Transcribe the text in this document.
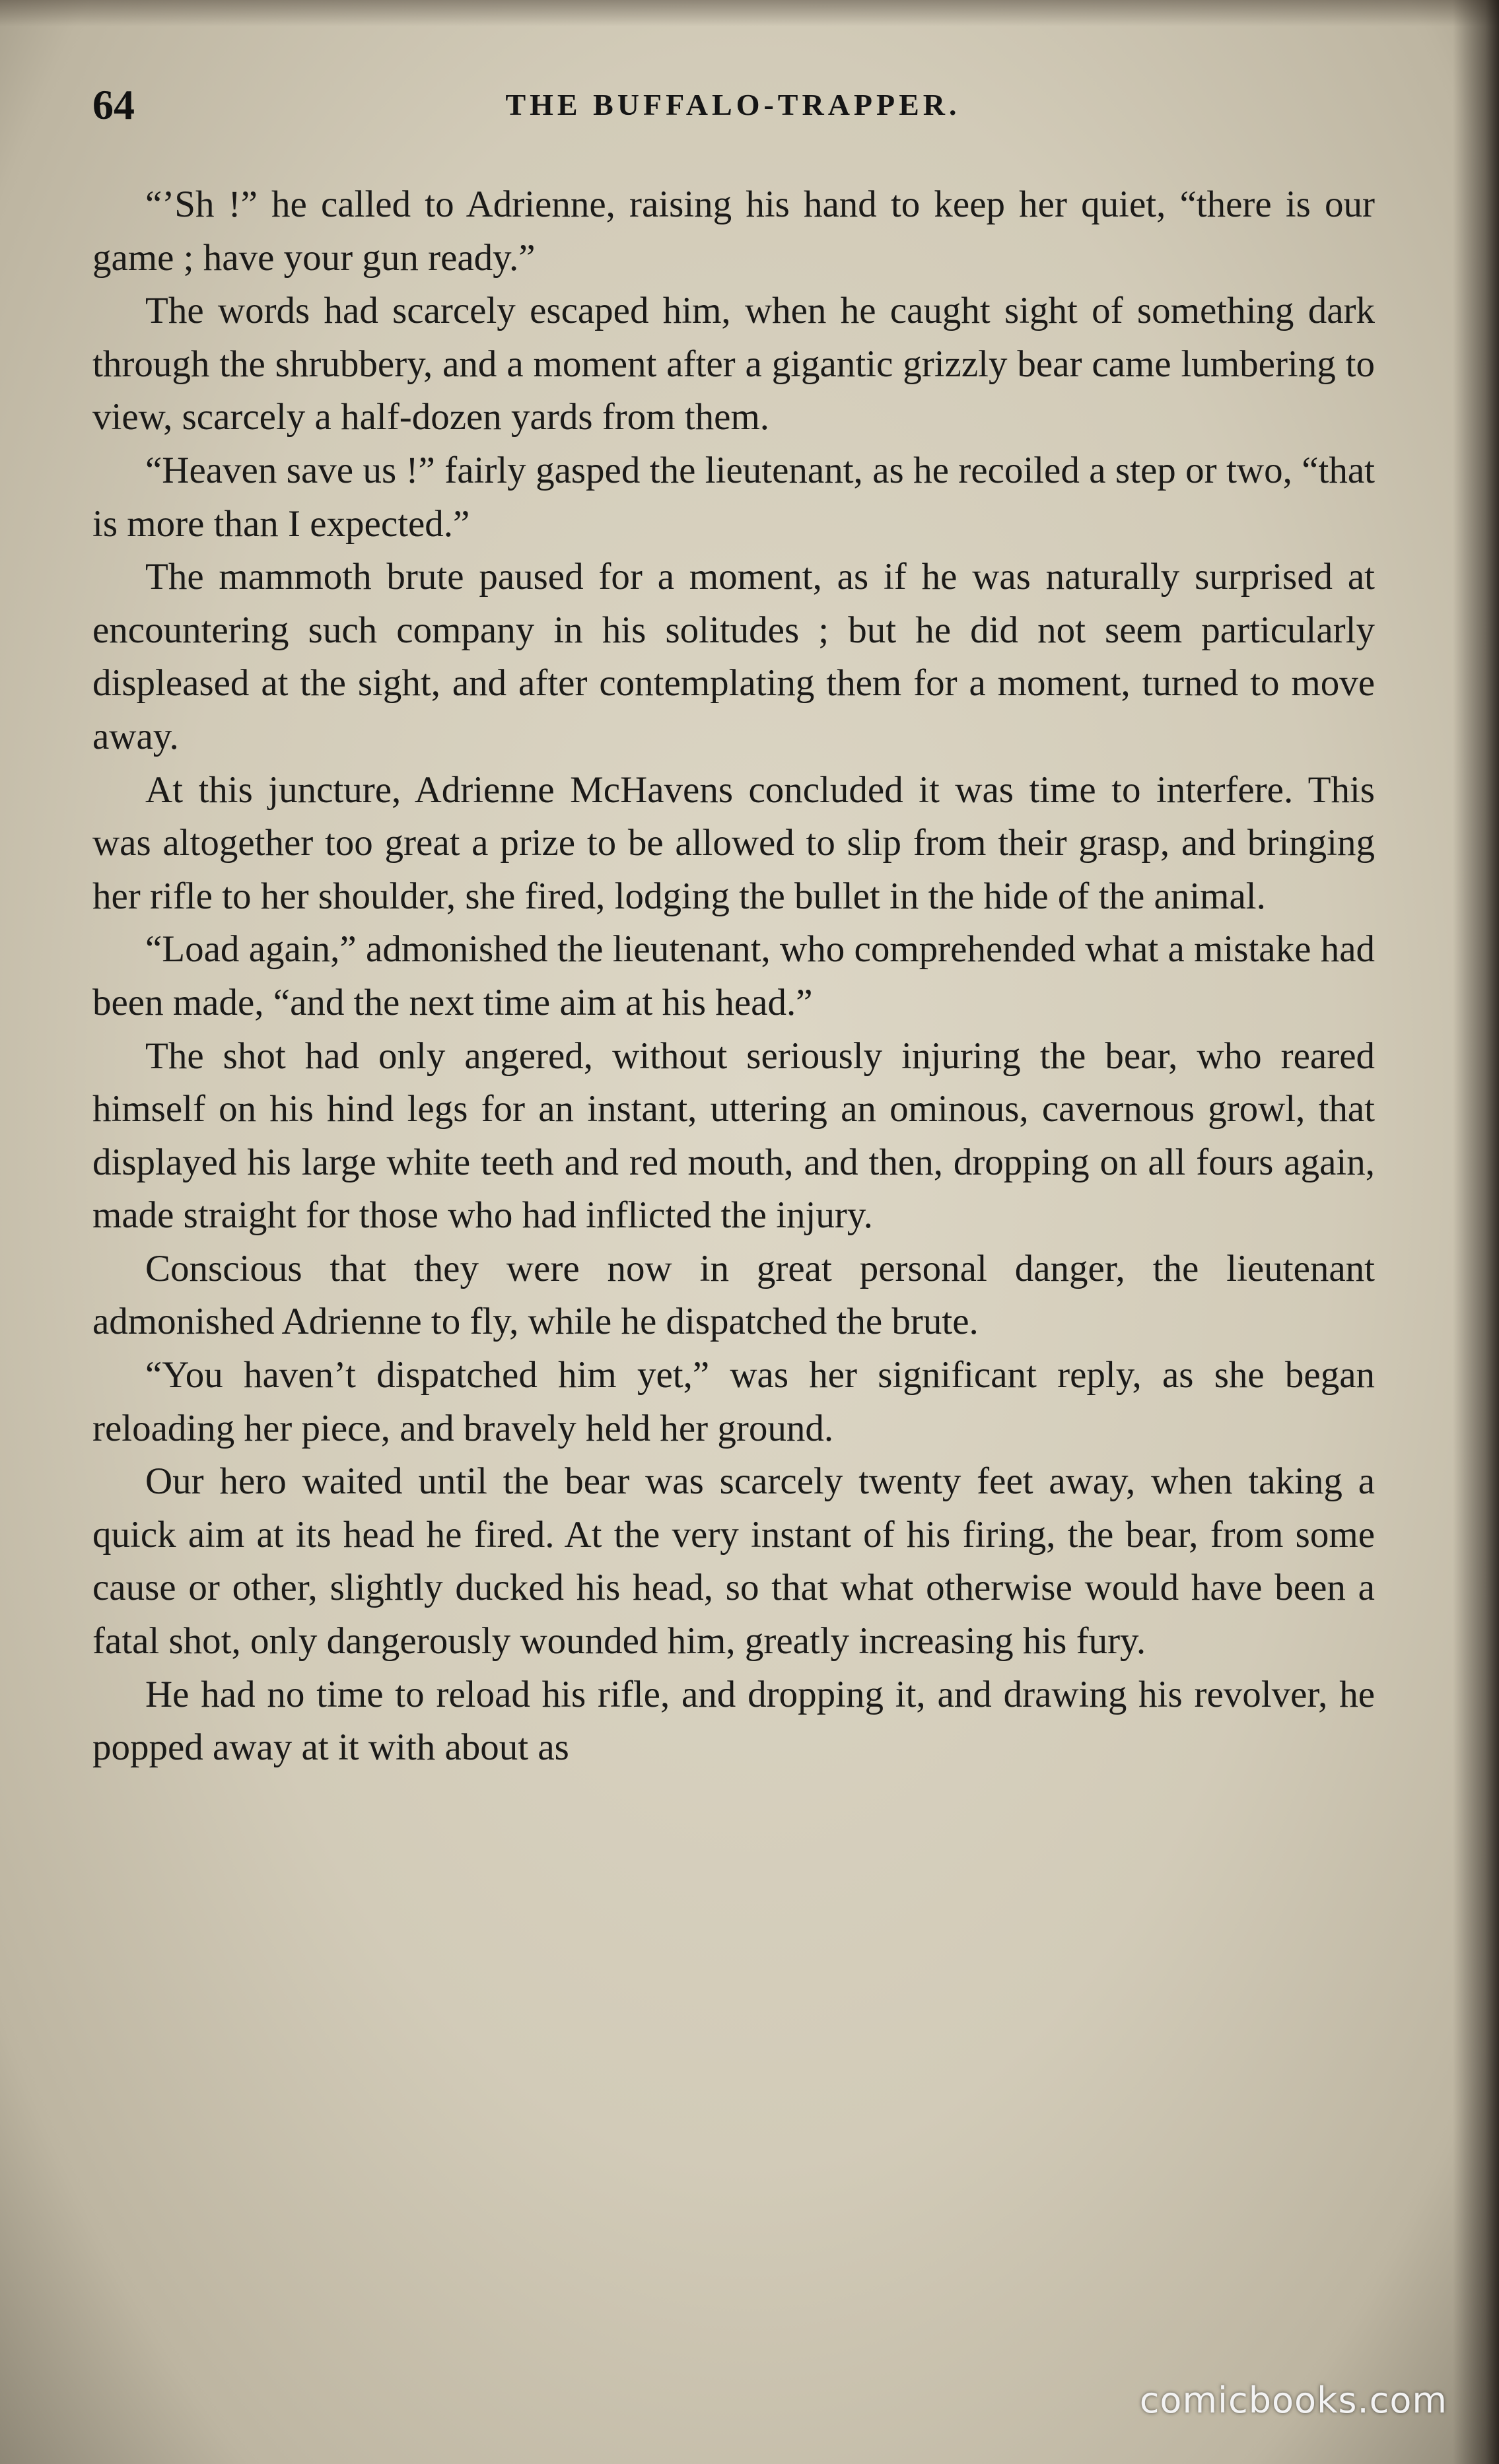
64	THE BUFFALO-TRAPPER.

“’Sh !” he called to Adrienne, raising his hand to keep her quiet, “there is our game ; have your gun ready.”

The words had scarcely escaped him, when he caught sight of something dark through the shrubbery, and a moment after a gigantic grizzly bear came lumbering to view, scarcely a half-dozen yards from them.

“Heaven save us !” fairly gasped the lieutenant, as he recoiled a step or two, “that is more than I expected.”

The mammoth brute paused for a moment, as if he was naturally surprised at encountering such company in his solitudes ; but he did not seem particularly displeased at the sight, and after contemplating them for a moment, turned to move away.

At this juncture, Adrienne McHavens concluded it was time to interfere. This was altogether too great a prize to be allowed to slip from their grasp, and bringing her rifle to her shoulder, she fired, lodging the bullet in the hide of the animal.

“Load again,” admonished the lieutenant, who comprehended what a mistake had been made, “and the next time aim at his head.”

The shot had only angered, without seriously injuring the bear, who reared himself on his hind legs for an instant, uttering an ominous, cavernous growl, that displayed his large white teeth and red mouth, and then, dropping on all fours again, made straight for those who had inflicted the injury.

Conscious that they were now in great personal danger, the lieutenant admonished Adrienne to fly, while he dispatched the brute.

“You haven’t dispatched him yet,” was her significant reply, as she began reloading her piece, and bravely held her ground.

Our hero waited until the bear was scarcely twenty feet away, when taking a quick aim at its head he fired. At the very instant of his firing, the bear, from some cause or other, slightly ducked his head, so that what otherwise would have been a fatal shot, only dangerously wounded him, greatly increasing his fury.

He had no time to reload his rifle, and dropping it, and drawing his revolver, he popped away at it with about as

comicbooks.com
